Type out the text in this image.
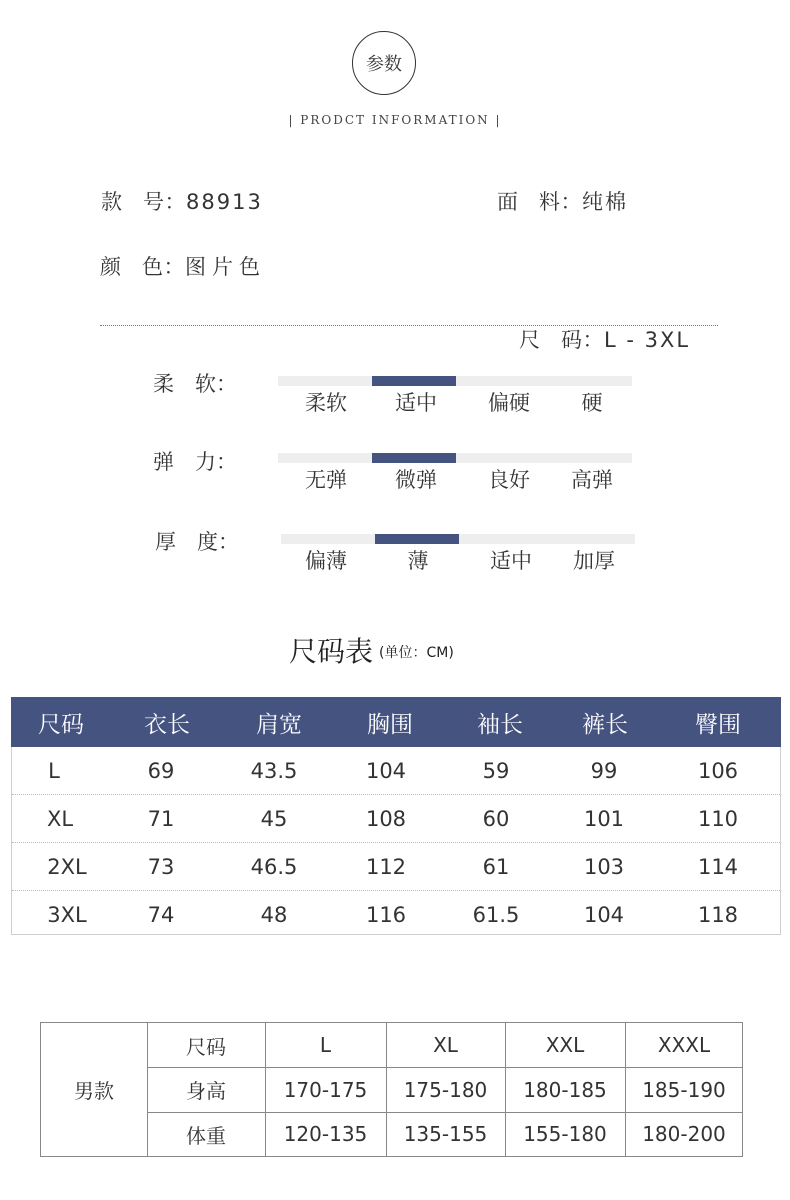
参数
| PRODCT INFORMATION |
款　号：88913	面　料：纯棉
颜　色：图片色
尺　码：L - 3XL
柔　软：
柔软	适中	偏硬	硬
弹　力：
无弹	微弹	良好	高弹
厚　度：
偏薄	薄	适中	加厚
尺码表 (单位：CM)
尺码	衣长	肩宽	胸围	袖长	裤长	臀围
L	69	43.5	104	59	99	106
XL	71	45	108	60	101	110
2XL	73	46.5	112	61	103	114
3XL	74	48	116	61.5	104	118
男款
尺码	L	XL	XXL	XXXL
身高	170-175	175-180	180-185	185-190
体重	120-135	135-155	155-180	180-200
